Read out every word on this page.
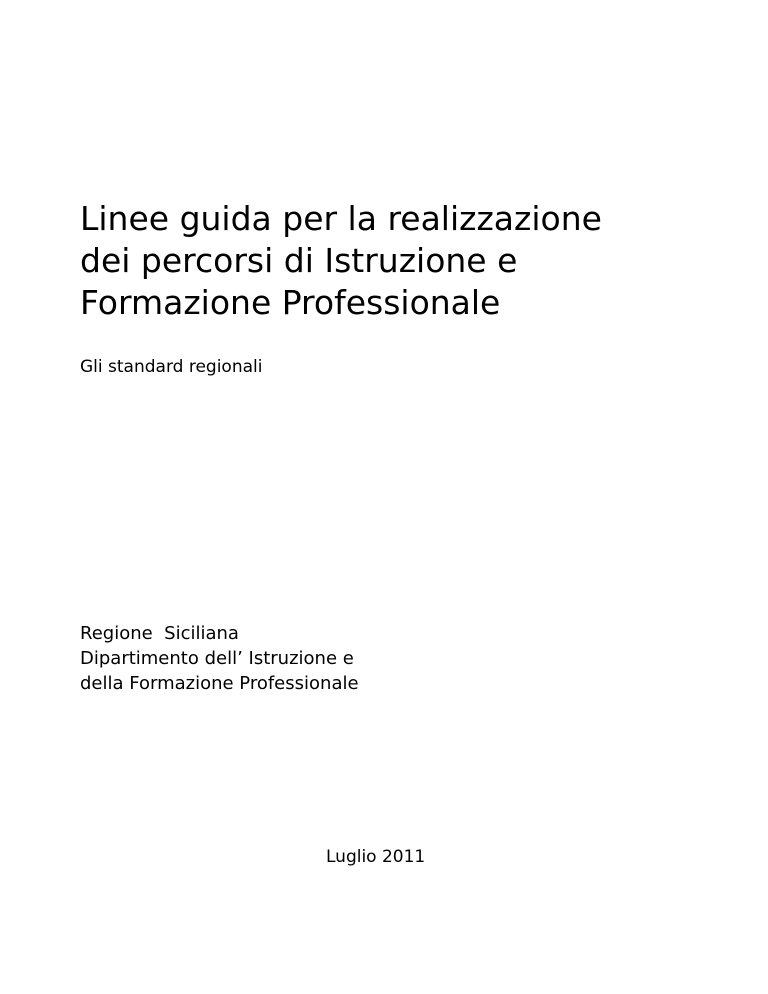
Linee guida per la realizzazione
dei percorsi di Istruzione e
Formazione Professionale
Gli standard regionali
Regione  Siciliana
Dipartimento dell’ Istruzione e
della Formazione Professionale
Luglio 2011
